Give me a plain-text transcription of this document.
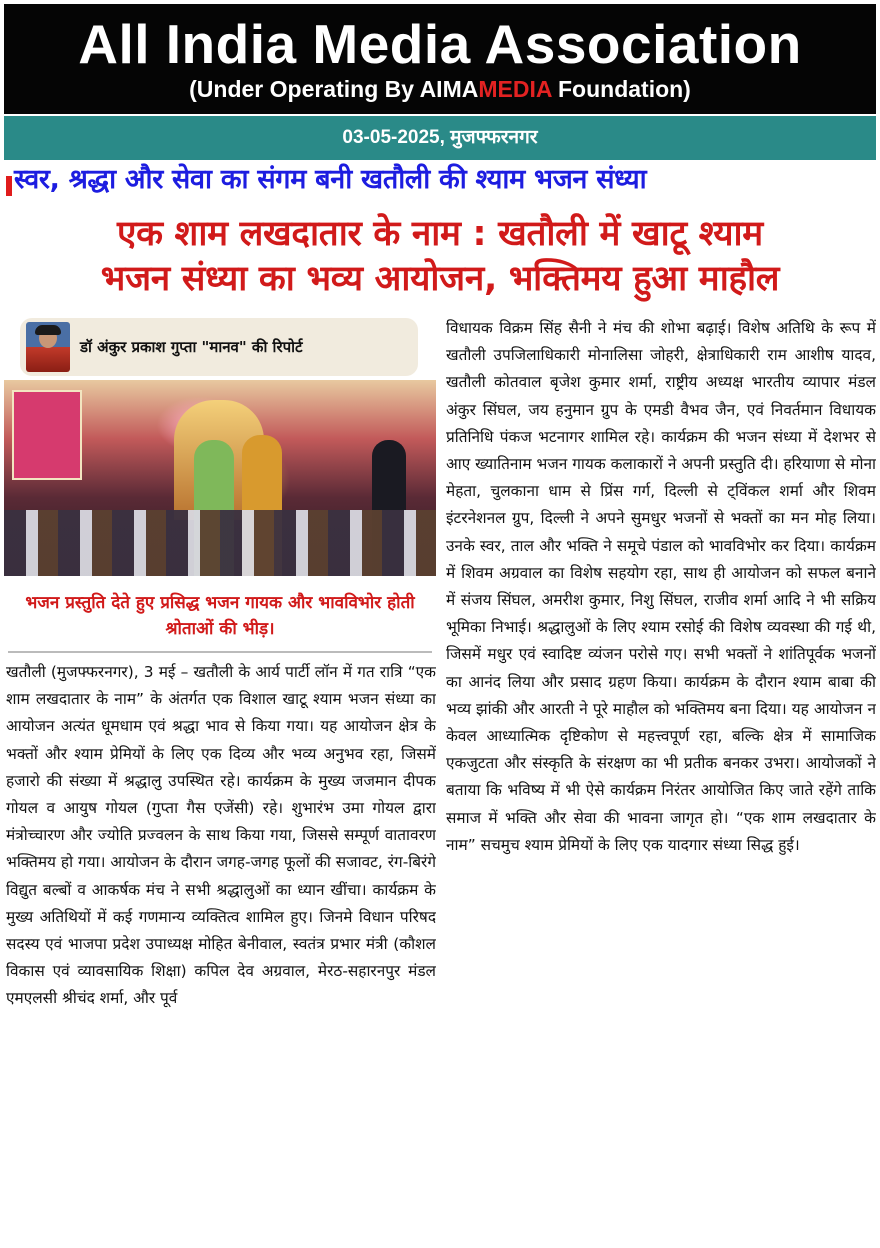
All India Media Association
(Under Operating By AIMAMEDIA Foundation)
03-05-2025, मुजफ्फरनगर
स्वर, श्रद्धा और सेवा का संगम बनी खतौली की श्याम भजन संध्या
एक शाम लखदातार के नाम : खतौली में खाटू श्याम
भजन संध्या का भव्य आयोजन, भक्तिमय हुआ माहौल
डॉ अंकुर प्रकाश गुप्ता "मानव" की रिपोर्ट
भजन प्रस्तुति देते हुए प्रसिद्ध भजन गायक और भावविभोर होती श्रोताओं की भीड़।
खतौली (मुजफ्फरनगर), 3 मई – खतौली के आर्य पार्टी लॉन में गत रात्रि “एक शाम लखदातार के नाम” के अंतर्गत एक विशाल खाटू श्याम भजन संध्या का आयोजन अत्यंत धूमधाम एवं श्रद्धा भाव से किया गया। यह आयोजन क्षेत्र के भक्तों और श्याम प्रेमियों के लिए एक दिव्य और भव्य अनुभव रहा, जिसमें हजारो की संख्या में श्रद्धालु उपस्थित रहे। कार्यक्रम के मुख्य जजमान दीपक गोयल व आयुष गोयल (गुप्ता गैस एजेंसी) रहे। शुभारंभ उमा गोयल द्वारा मंत्रोच्चारण और ज्योति प्रज्वलन के साथ किया गया, जिससे सम्पूर्ण वातावरण भक्तिमय हो गया। आयोजन के दौरान जगह-जगह फूलों की सजावट, रंग-बिरंगे विद्युत बल्बों व आकर्षक मंच ने सभी श्रद्धालुओं का ध्यान खींचा। कार्यक्रम के मुख्य अतिथियों में कई गणमान्य व्यक्तित्व शामिल हुए। जिनमे विधान परिषद सदस्य एवं भाजपा प्रदेश उपाध्यक्ष मोहित बेनीवाल, स्वतंत्र प्रभार मंत्री (कौशल विकास एवं व्यावसायिक शिक्षा) कपिल देव अग्रवाल, मेरठ-सहारनपुर मंडल एमएलसी श्रीचंद शर्मा, और पूर्व
विधायक विक्रम सिंह सैनी ने मंच की शोभा बढ़ाई। विशेष अतिथि के रूप में खतौली उपजिलाधिकारी मोनालिसा जोहरी, क्षेत्राधिकारी राम आशीष यादव, खतौली कोतवाल बृजेश कुमार शर्मा, राष्ट्रीय अध्यक्ष भारतीय व्यापार मंडल अंकुर सिंघल, जय हनुमान ग्रुप के एमडी वैभव जैन, एवं निवर्तमान विधायक प्रतिनिधि पंकज भटनागर शामिल रहे। कार्यक्रम की भजन संध्या में देशभर से आए ख्यातिनाम भजन गायक कलाकारों ने अपनी प्रस्तुति दी। हरियाणा से मोना मेहता, चुलकाना धाम से प्रिंस गर्ग, दिल्ली से ट्विंकल शर्मा और शिवम इंटरनेशनल ग्रुप, दिल्ली ने अपने सुमधुर भजनों से भक्तों का मन मोह लिया। उनके स्वर, ताल और भक्ति ने समूचे पंडाल को भावविभोर कर दिया। कार्यक्रम में शिवम अग्रवाल का विशेष सहयोग रहा, साथ ही आयोजन को सफल बनाने में संजय सिंघल, अमरीश कुमार, निशु सिंघल, राजीव शर्मा आदि ने भी सक्रिय भूमिका निभाई। श्रद्धालुओं के लिए श्याम रसोई की विशेष व्यवस्था की गई थी, जिसमें मधुर एवं स्वादिष्ट व्यंजन परोसे गए। सभी भक्तों ने शांतिपूर्वक भजनों का आनंद लिया और प्रसाद ग्रहण किया। कार्यक्रम के दौरान श्याम बाबा की भव्य झांकी और आरती ने पूरे माहौल को भक्तिमय बना दिया। यह आयोजन न केवल आध्यात्मिक दृष्टिकोण से महत्त्वपूर्ण रहा, बल्कि क्षेत्र में सामाजिक एकजुटता और संस्कृति के संरक्षण का भी प्रतीक बनकर उभरा। आयोजकों ने बताया कि भविष्य में भी ऐसे कार्यक्रम निरंतर आयोजित किए जाते रहेंगे ताकि समाज में भक्ति और सेवा की भावना जागृत हो। “एक शाम लखदातार के नाम” सचमुच श्याम प्रेमियों के लिए एक यादगार संध्या सिद्ध हुई।
